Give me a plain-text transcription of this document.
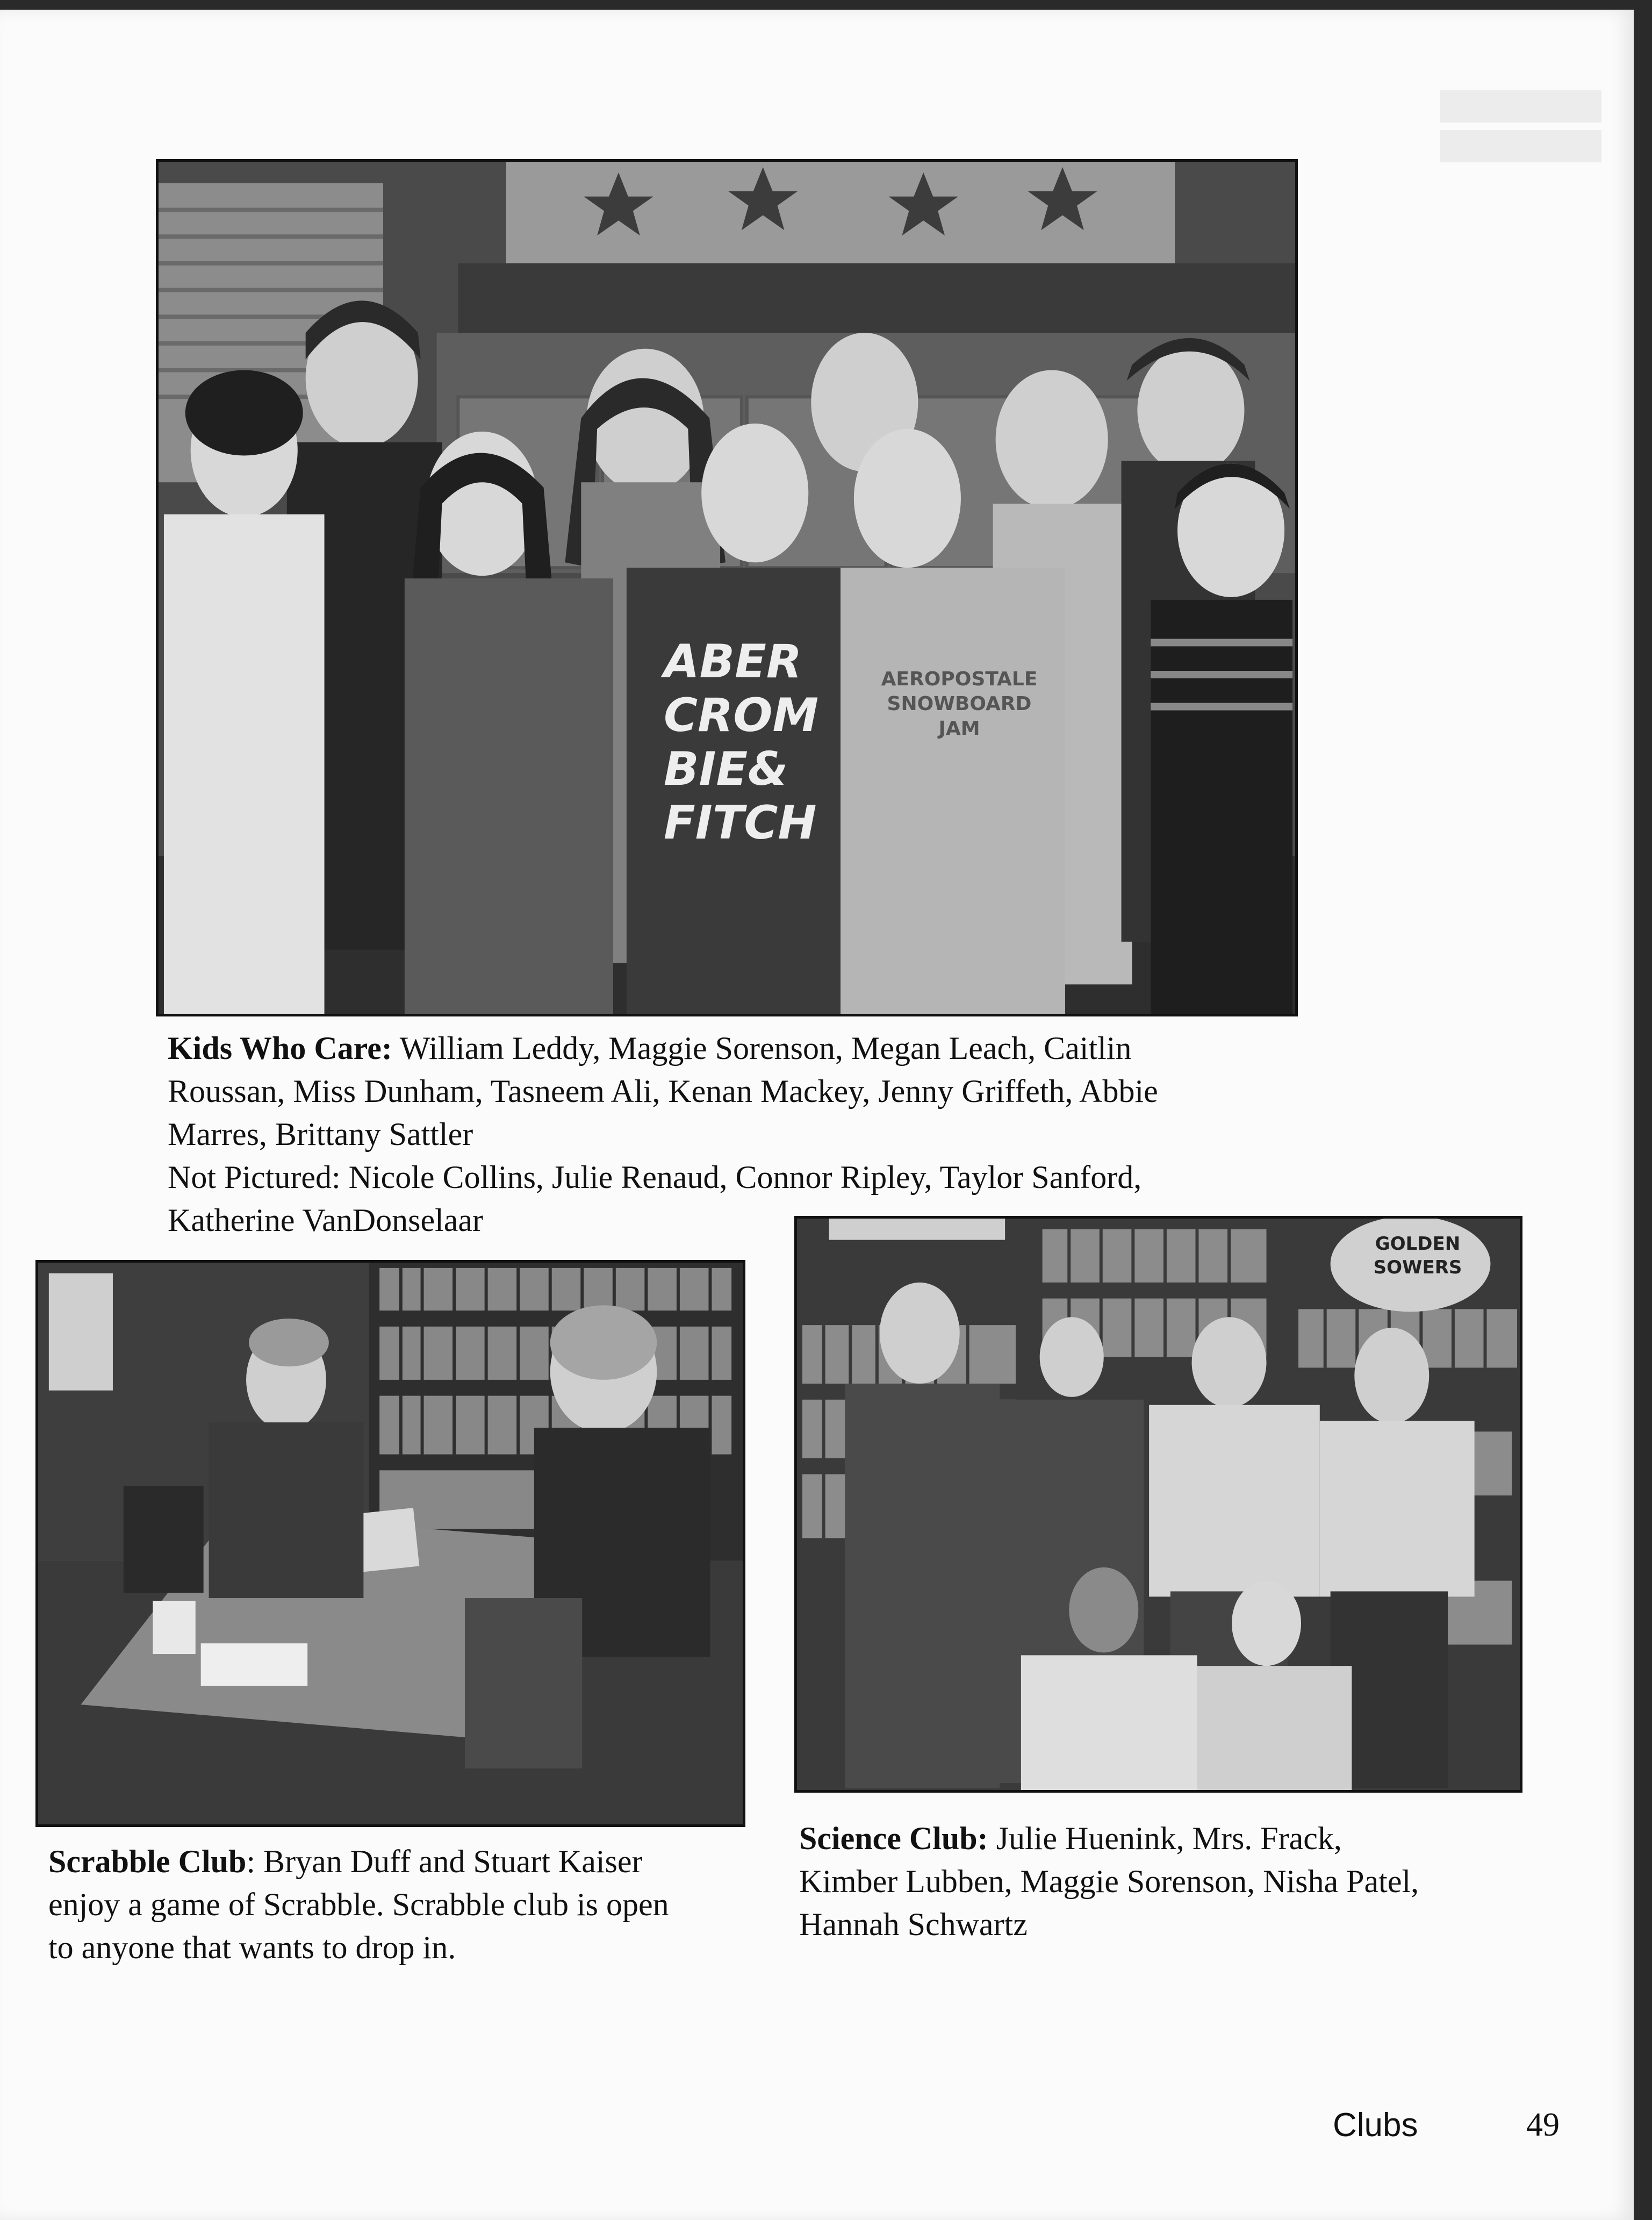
ABER
CROM
BIE&
FITCH
AEROPOSTALE
SNOWBOARD
JAM
Kids Who Care: William Leddy, Maggie Sorenson, Megan Leach, Caitlin
Roussan, Miss Dunham, Tasneem Ali, Kenan Mackey, Jenny Griffeth, Abbie
Marres, Brittany Sattler
Not Pictured: Nicole Collins, Julie Renaud, Connor Ripley, Taylor Sanford,
Katherine VanDonselaar
Scrabble Club: Bryan Duff and Stuart Kaiser
enjoy a game of Scrabble. Scrabble club is open
to anyone that wants to drop in.
GOLDEN
SOWERS
Science Club: Julie Huenink, Mrs. Frack,
Kimber Lubben, Maggie Sorenson, Nisha Patel,
Hannah Schwartz
Clubs	49
